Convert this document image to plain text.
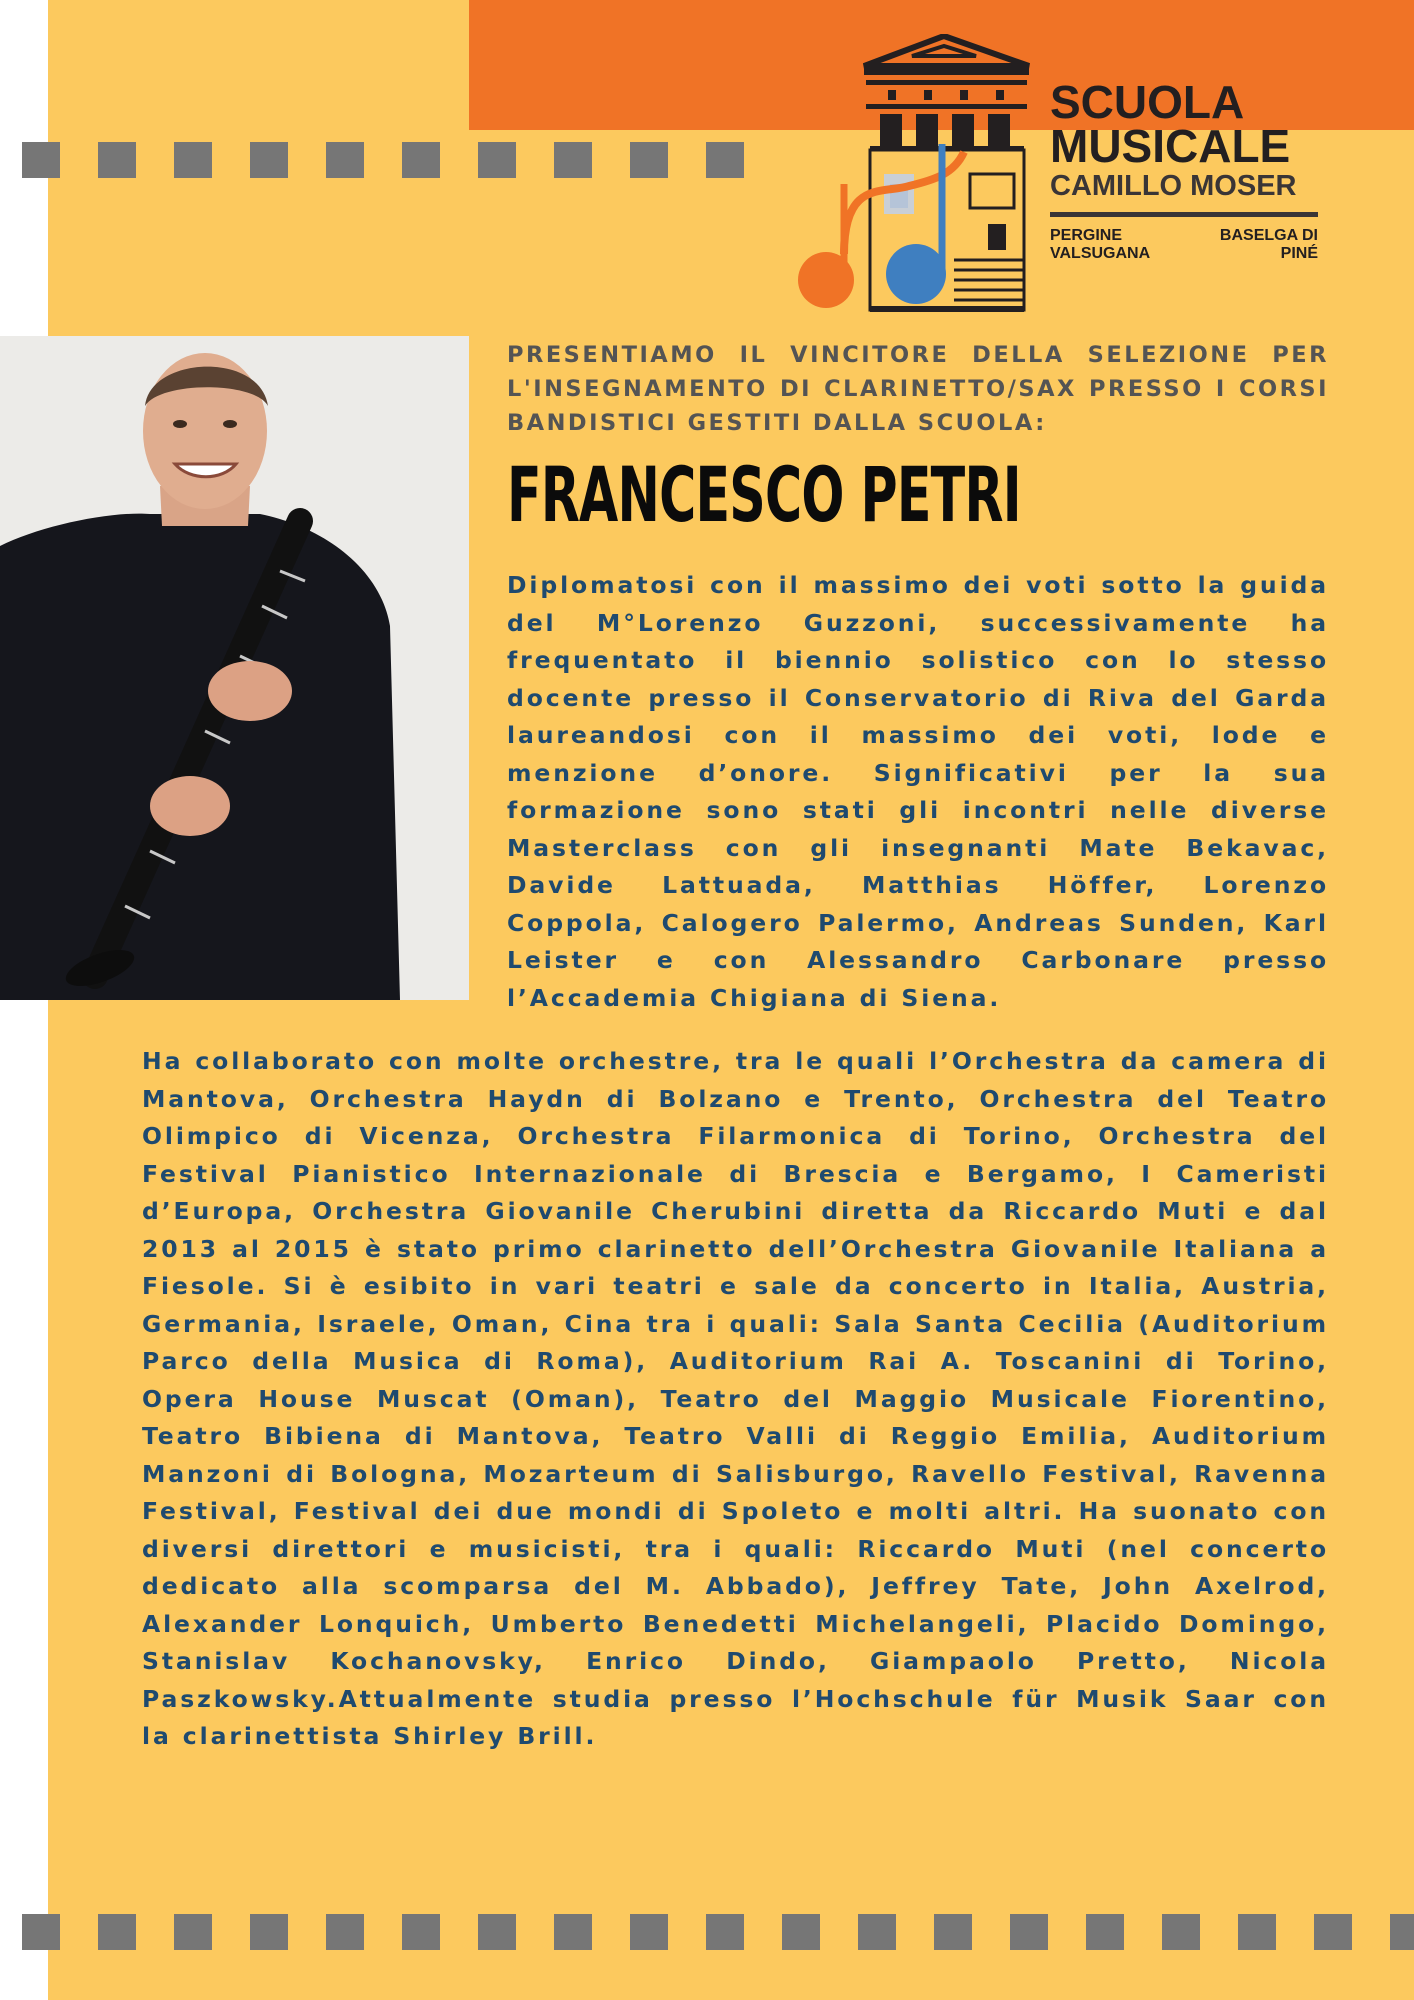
SCUOLA
MUSICALE
CAMILLO MOSER
PERGINE VALSUGANA
BASELGA DI PINÉ

PRESENTIAMO IL VINCITORE DELLA SELEZIONE PER L'INSEGNAMENTO DI CLARINETTO/SAX PRESSO I CORSI BANDISTICI GESTITI DALLA SCUOLA:

FRANCESCO PETRI

Diplomatosi con il massimo dei voti sotto la guida del M°Lorenzo Guzzoni, successivamente ha frequentato il biennio solistico con lo stesso docente presso il Conservatorio di Riva del Garda laureandosi con il massimo dei voti, lode e menzione d’onore. Significativi per la sua formazione sono stati gli incontri nelle diverse Masterclass con gli insegnanti Mate Bekavac, Davide Lattuada, Matthias Höffer, Lorenzo Coppola, Calogero Palermo, Andreas Sunden, Karl Leister e con Alessandro Carbonare presso l’Accademia Chigiana di Siena.

Ha collaborato con molte orchestre, tra le quali l’Orchestra da camera di Mantova, Orchestra Haydn di Bolzano e Trento, Orchestra del Teatro Olimpico di Vicenza, Orchestra Filarmonica di Torino, Orchestra del Festival Pianistico Internazionale di Brescia e Bergamo, I Cameristi d’Europa, Orchestra Giovanile Cherubini diretta da Riccardo Muti e dal 2013 al 2015 è stato primo clarinetto dell’Orchestra Giovanile Italiana a Fiesole. Si è esibito in vari teatri e sale da concerto in Italia, Austria, Germania, Israele, Oman, Cina tra i quali: Sala Santa Cecilia (Auditorium Parco della Musica di Roma), Auditorium Rai A. Toscanini di Torino, Opera House Muscat (Oman), Teatro del Maggio Musicale Fiorentino, Teatro Bibiena di Mantova, Teatro Valli di Reggio Emilia, Auditorium Manzoni di Bologna, Mozarteum di Salisburgo, Ravello Festival, Ravenna Festival, Festival dei due mondi di Spoleto e molti altri. Ha suonato con diversi direttori e musicisti, tra i quali: Riccardo Muti (nel concerto dedicato alla scomparsa del M. Abbado), Jeffrey Tate, John Axelrod, Alexander Lonquich, Umberto Benedetti Michelangeli, Placido Domingo, Stanislav Kochanovsky, Enrico Dindo, Giampaolo Pretto, Nicola Paszkowsky.Attualmente studia presso l’Hochschule für Musik Saar con la clarinettista Shirley Brill.
